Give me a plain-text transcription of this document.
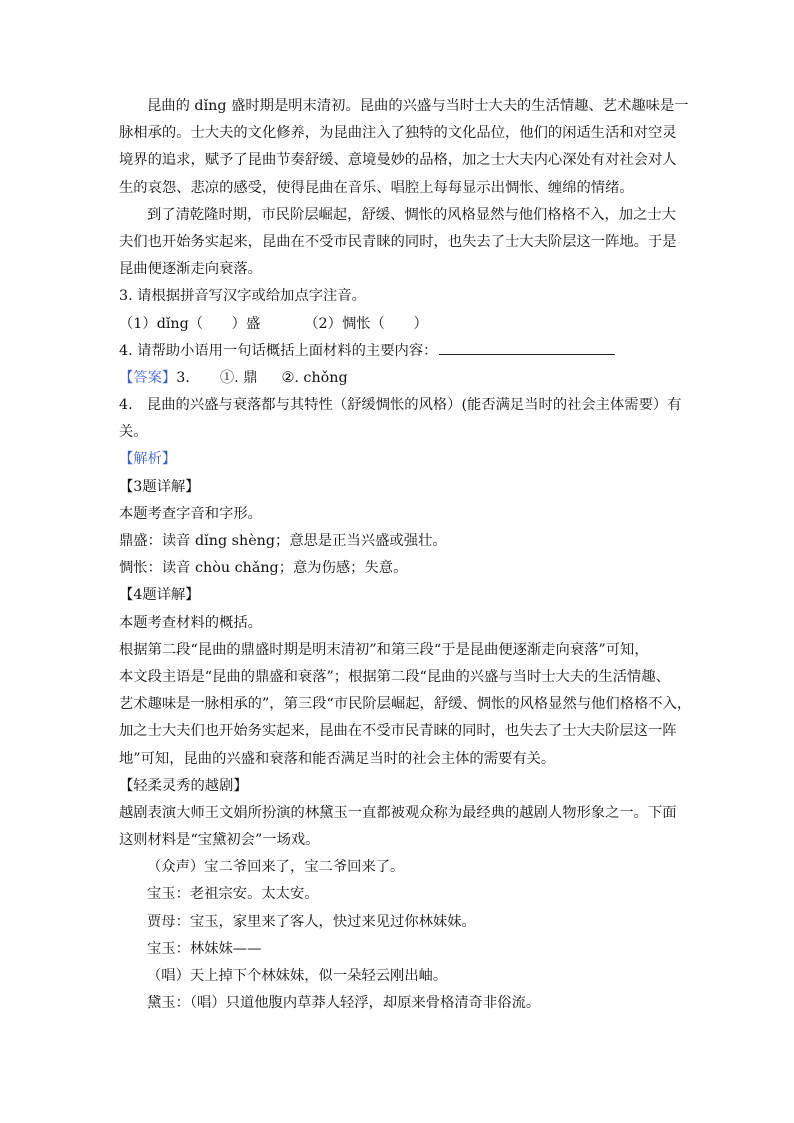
昆曲的 dǐng 盛时期是明末清初。昆曲的兴盛与当时士大夫的生活情趣、艺术趣味是一
脉相承的。士大夫的文化修养，为昆曲注入了独特的文化品位，他们的闲适生活和对空灵
境界的追求，赋予了昆曲节奏舒缓、意境曼妙的品格，加之士大夫内心深处有对社会对人
生的哀怨、悲凉的感受，使得昆曲在音乐、唱腔上每每显示出惆怅、缠绵的情绪。
到了清乾隆时期，市民阶层崛起，舒缓、惆怅的风格显然与他们格格不入，加之士大
夫们也开始务实起来，昆曲在不受市民青睐的同时，也失去了士大夫阶层这一阵地。于是
昆曲便逐渐走向衰落。
3. 请根据拼音写汉字或给加点字注音。
（1）dǐng（　　）盛	（2）惆怅（　　）
4. 请帮助小语用一句话概括上面材料的主要内容：
【答案】3. ①. 鼎 ②. chǒng
4.　昆曲的兴盛与衰落都与其特性（舒缓惆怅的风格）(能否满足当时的社会主体需要）有
关。
【解析】
【3题详解】
本题考查字音和字形。
鼎盛：读音 dǐng shèng；意思是正当兴盛或强壮。
惆怅：读音 chòu chǎng；意为伤感；失意。
【4题详解】
本题考查材料的概括。
根据第二段“昆曲的鼎盛时期是明末清初”和第三段“于是昆曲便逐渐走向衰落”可知，
本文段主语是“昆曲的鼎盛和衰落”；根据第二段“昆曲的兴盛与当时士大夫的生活情趣、
艺术趣味是一脉相承的”，第三段“市民阶层崛起，舒缓、惆怅的风格显然与他们格格不入，
加之士大夫们也开始务实起来，昆曲在不受市民青睐的同时，也失去了士大夫阶层这一阵
地”可知，昆曲的兴盛和衰落和能否满足当时的社会主体的需要有关。
【轻柔灵秀的越剧】
越剧表演大师王文娟所扮演的林黛玉一直都被观众称为最经典的越剧人物形象之一。下面
这则材料是“宝黛初会”一场戏。
（众声）宝二爷回来了，宝二爷回来了。
宝玉：老祖宗安。太太安。
贾母：宝玉，家里来了客人，快过来见过你林妹妹。
宝玉：林妹妹——
（唱）天上掉下个林妹妹，似一朵轻云刚出岫。
黛玉：（唱）只道他腹内草莽人轻浮，却原来骨格清奇非俗流。
